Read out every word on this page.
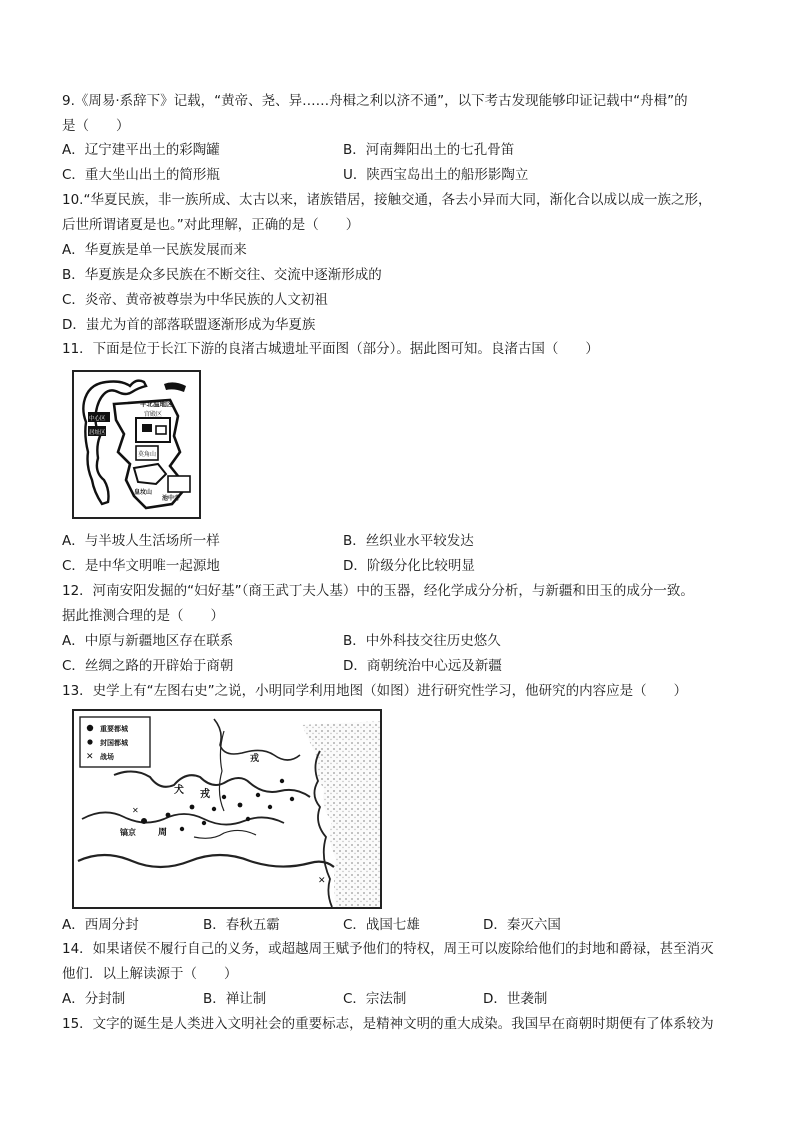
9.《周易·系辞下》记载，“黄帝、尧、异……舟楫之利以济不通”，以下考古发现能够印证记载中“舟楫”的
是（　　）
A．辽宁建平出土的彩陶罐	B．河南舞阳出土的七孔骨笛
C．重大坐山出土的简形瓶	U．陕西宝岛出土的船形影陶立
10.“华夏民族，非一族所成、太古以来，诸族错居，接触交通，各去小异而大同，渐化合以成以成一族之形，
后世所谓诸夏是也。”对此理解，正确的是（　　）
A．华夏族是单一民族发展而来
B．华夏族是众多民族在不断交往、交流中逐渐形成的
C．炎帝、黄帝被尊崇为中华民族的人文初祖
D．蚩尤为首的部落联盟逐渐形成为华夏族
11．下面是位于长江下游的良渚古城遗址平面图（部分）。据此图可知。良渚古国（　　）
平北温地区
宫殿区
中心区
居址区
莫角山
皇坟山
池中寺
A．与半坡人生活场所一样	B．丝织业水平较发达
C．是中华文明唯一起源地	D．阶级分化比较明显
12．河南安阳发掘的“妇好基”（商王武丁夫人基）中的玉器，经化学成分分析，与新疆和田玉的成分一致。
据此推测合理的是（　　）
A．中原与新疆地区存在联系	B．中外科技交往历史悠久
C．丝绸之路的开辟始于商朝	D．商朝统治中心远及新疆
13．史学上有“左图右史”之说，小明同学利用地图（如图）进行研究性学习，他研究的内容应是（　　）
✕
重要都城
封国都城
战场	戎
犬 戎
镐京 周
✕
✕
A．西周分封	B．春秋五霸	C．战国七雄	D．秦灭六国
14．如果诸侯不履行自己的义务，或超越周王赋予他们的特权，周王可以废除给他们的封地和爵禄，甚至消灭
他们．以上解读源于（　　）
A．分封制	B．禅让制	C．宗法制	D．世袭制
15．文字的诞生是人类进入文明社会的重要标志，是精神文明的重大成染。我国早在商朝时期便有了体系较为
